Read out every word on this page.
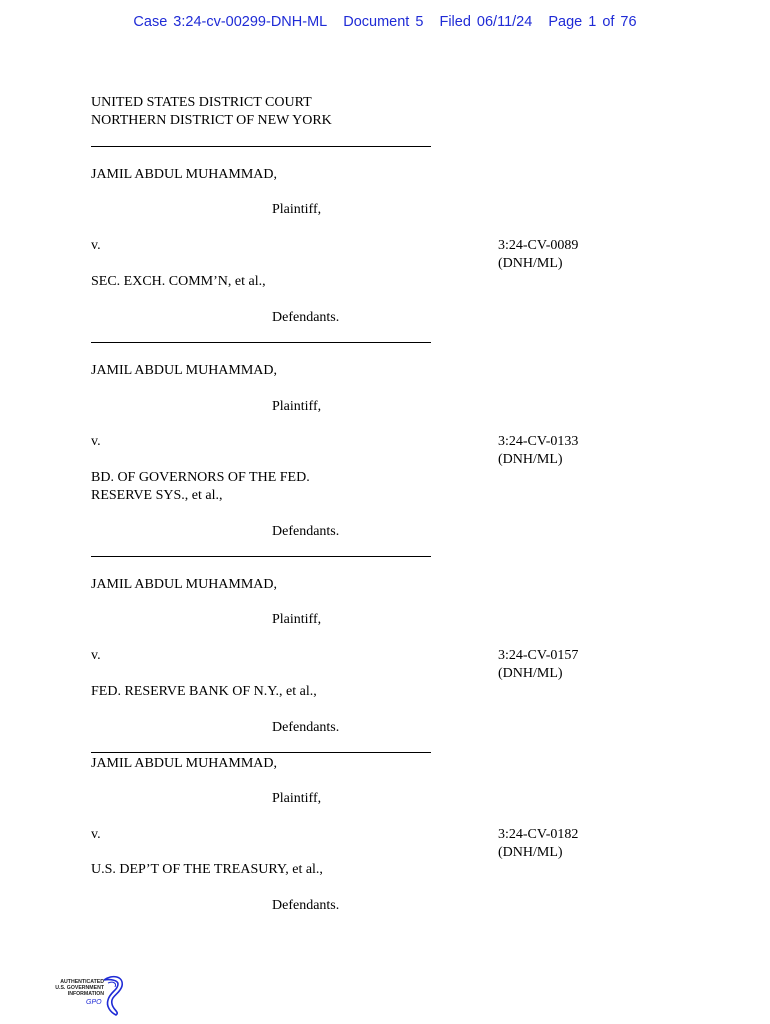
Case 3:24-cv-00299-DNH-ML Document 5 Filed 06/11/24 Page 1 of 76
UNITED STATES DISTRICT COURT
NORTHERN DISTRICT OF NEW YORK
JAMIL ABDUL MUHAMMAD,
Plaintiff,
v.
SEC. EXCH. COMM’N, et al.,
Defendants.
3:24-CV-0089
(DNH/ML)
JAMIL ABDUL MUHAMMAD,
Plaintiff,
v.
BD. OF GOVERNORS OF THE FED.
RESERVE SYS., et al.,
Defendants.
3:24-CV-0133
(DNH/ML)
JAMIL ABDUL MUHAMMAD,
Plaintiff,
v.
FED. RESERVE BANK OF N.Y., et al.,
Defendants.
3:24-CV-0157
(DNH/ML)
JAMIL ABDUL MUHAMMAD,
Plaintiff,
v.
U.S. DEP’T OF THE TREASURY, et al.,
Defendants.
3:24-CV-0182
(DNH/ML)
AUTHENTICATED
U.S. GOVERNMENT
INFORMATION
GPO
